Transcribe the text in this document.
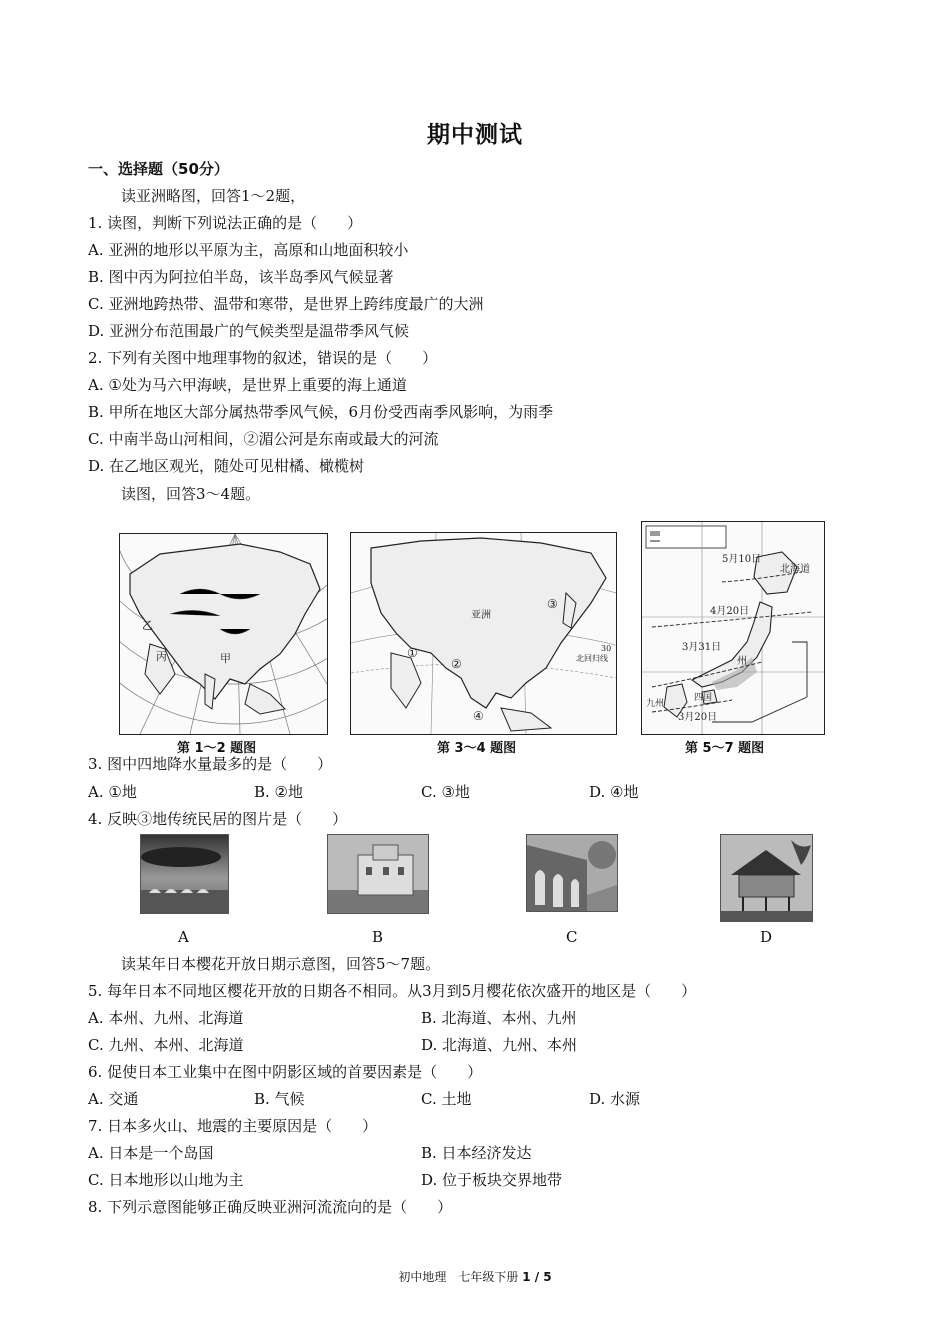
期中测试
一、选择题（50分）
读亚洲略图，回答1～2题，
1. 读图，判断下列说法正确的是（　　）
A. 亚洲的地形以平原为主，高原和山地面积较小
B. 图中丙为阿拉伯半岛，该半岛季风气候显著
C. 亚洲地跨热带、温带和寒带，是世界上跨纬度最广的大洲
D. 亚洲分布范围最广的气候类型是温带季风气候
2. 下列有关图中地理事物的叙述，错误的是（　　）
A. ①处为马六甲海峡，是世界上重要的海上通道
B. 甲所在地区大部分属热带季风气候，6月份受西南季风影响，为雨季
C. 中南半岛山河相间，②湄公河是东南或最大的河流
D. 在乙地区观光，随处可见柑橘、橄榄树
读图，回答3～4题。
甲
丙
乙
第 1～2 题图
亚洲
①
②
③
④
30
北回归线
第 3～4 题图
5月10日
北海道
4月20日
3月31日
州
四国
九州
3月20日
第 5～7 题图
3. 图中四地降水量最多的是（　　）
A. ①地	B. ②地	C. ③地	D. ④地
4. 反映③地传统民居的图片是（　　）
A	B	C	D
读某年日本樱花开放日期示意图，回答5～7题。
5. 每年日本不同地区樱花开放的日期各不相同。从3月到5月樱花依次盛开的地区是（　　）
A. 本州、九州、北海道	B. 北海道、本州、九州
C. 九州、本州、北海道	D. 北海道、九州、本州
6. 促使日本工业集中在图中阴影区域的首要因素是（　　）
A. 交通	B. 气候	C. 土地	D. 水源
7. 日本多火山、地震的主要原因是（　　）
A. 日本是一个岛国	B. 日本经济发达
C. 日本地形以山地为主	D. 位于板块交界地带
8. 下列示意图能够正确反映亚洲河流流向的是（　　）
初中地理　七年级下册 1 / 5
